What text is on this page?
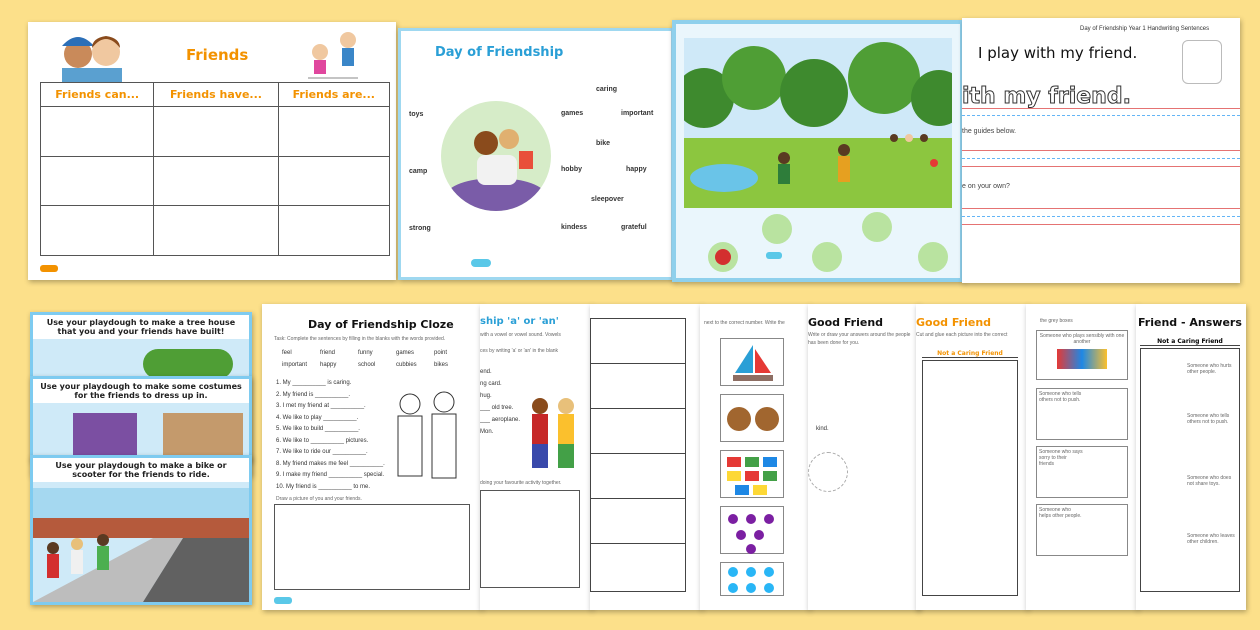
Friends
Friends can...	Friends have...	Friends are...

Day of Friendship
toys
camp
strong
caring
games	important
bike
hobby	happy
sleepover
kindess	grateful
Day of Friendship Year 1 Handwriting Sentences
I play with my friend.
ith my friend.
the guides below.
e on your own?
Use your playdough to make a tree house that you and your friends have built!
Use your playdough to make some costumes for the friends to dress up in.
Use your playdough to make a bike or scooter for the friends to ride.
Day of Friendship Cloze
Task: Complete the sentences by filling in the blanks with the words provided.
feel	friend	funny	games	point
important	happy	school	cubbies	bikes
1. My __________ is caring.
2. My friend is __________.
3. I met my friend at __________.
4. We like to play __________.
5. We like to build __________.
6. We like to __________ pictures.
7. We like to ride our __________.
8. My friend makes me feel __________.
9. I make my friend __________ special.
10. My friend is __________ to me.
Draw a picture of you and your friends.
ship 'a' or 'an'
with a vowel or vowel sound. Vowels
ces by writing 'a' or 'an' in the blank
end.
ng card.
hug.
___ old tree.
___ aeroplane.
Mon.
doing your favourite activity together.
next to the correct number. Write the Good Friend
Write or draw your answers around the people
has been done for you.
kind.
Good Friend
Cut and glue each picture into the correct
Not a Caring Friend
the grey boxes
Someone who plays sensibly with one another
Someone who tells others not to push.
Someone who says sorry to their friends
Someone who helps other people.
Friend - Answers
Not a Caring Friend
Someone who hurts other people.
Someone who tells others not to push.
Someone who does not share toys.
Someone who leaves other children.
